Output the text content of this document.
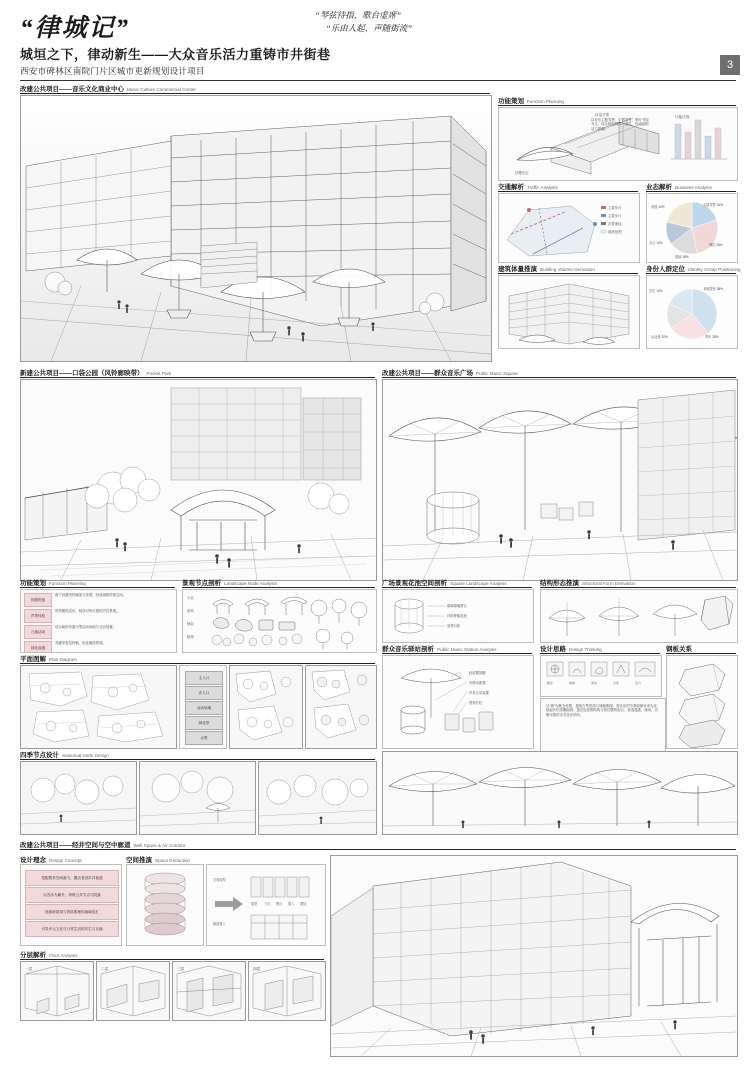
“律城记”
城垣之下，律动新生——大众音乐活力重铸市井街巷
西安市碑林区南院门片区城市更新规划设计项目
“琴弦待指，歌台虚席”
“乐由人起，声随街流”
3
改建公共项目——音乐文化商业中心 Music Culture Commercial Center
功能策划 Function Planning
功能比例
体量关系
顶棚形态
以音乐主题零售、乐器展售、唱片书屋为主，结合特色餐饮与茶饮，形成沿街活力界面。
交通解析 Traffic Analysis
主要车行
主要步行
次要流线
地块范围
业态解析 Business Analysis
文创零售 32%
餐饮 26%
展演 18%
办公 14%
其他 10%
建筑体量推演 Building Volume Derivation	身份人群定位 Identity Group Positioning
本地居民 38%
青年 28%
从业者 20%
学生 14%
新建公共项目——口袋公园（风铃廊映带） Pocket Park	改建公共项目——群众音乐广场 Public Music Square
功能策划 Function Planning
休憩驻留
廊下设置风铃廊架与条凳，形成遮阴停留空间。
声景体验
风铃随风成乐，构成可听可感的声音景观。
儿童活动
结合地形布置小型活动场地与互动装置。
绿化渗透
乔灌草复层种植，软化硬质界面。
景观节点剖析 Landscape Node Analysis
小品
座椅
铺装
植物
平面图解 Plan Diagram
主入口
次入口
活动场地
绿化带
水景
四季节点设计 Seasonal Node Design
广场景观花池空间剖析 Square Landscape Analysis
玻璃幕墙围合
环形种植花池
坐憩台阶
结构形态推演 Structural Form Derivation
群众音乐驿站剖析 Public Music Station Analysis
轻质膜顶棚
可移动座凳
声音互动装置
景观灯柱
设计思路 Design Thinking
秩序	韵律	流动	共享	活力
以“律”为概念母题，提取古琴弦线与城墙肌理，将音乐的节奏韵律转译为连续起伏的顶棚曲线；通过轻质钢结构与张拉膜的组合，营造通透、流动、可聚可散的市井音乐场所。
钢板关系
改建公共项目——经井空间与空中廊道 Well Space & Air Corridor
设计理念 Design Concept
挖掘既有空间潜力，激活老旧市井巷道
以音乐为媒介，串联公共节点与院落
延续坡屋顶与青砖肌理的地域语汇
引导多元文化与日常生活的共生与互融
空间推演 Space Deduction
原型 下沉 围合 置入 叠加
空间原型
廊道置入
分层解析 Floor Analysis
一层	二层	三层	四层
